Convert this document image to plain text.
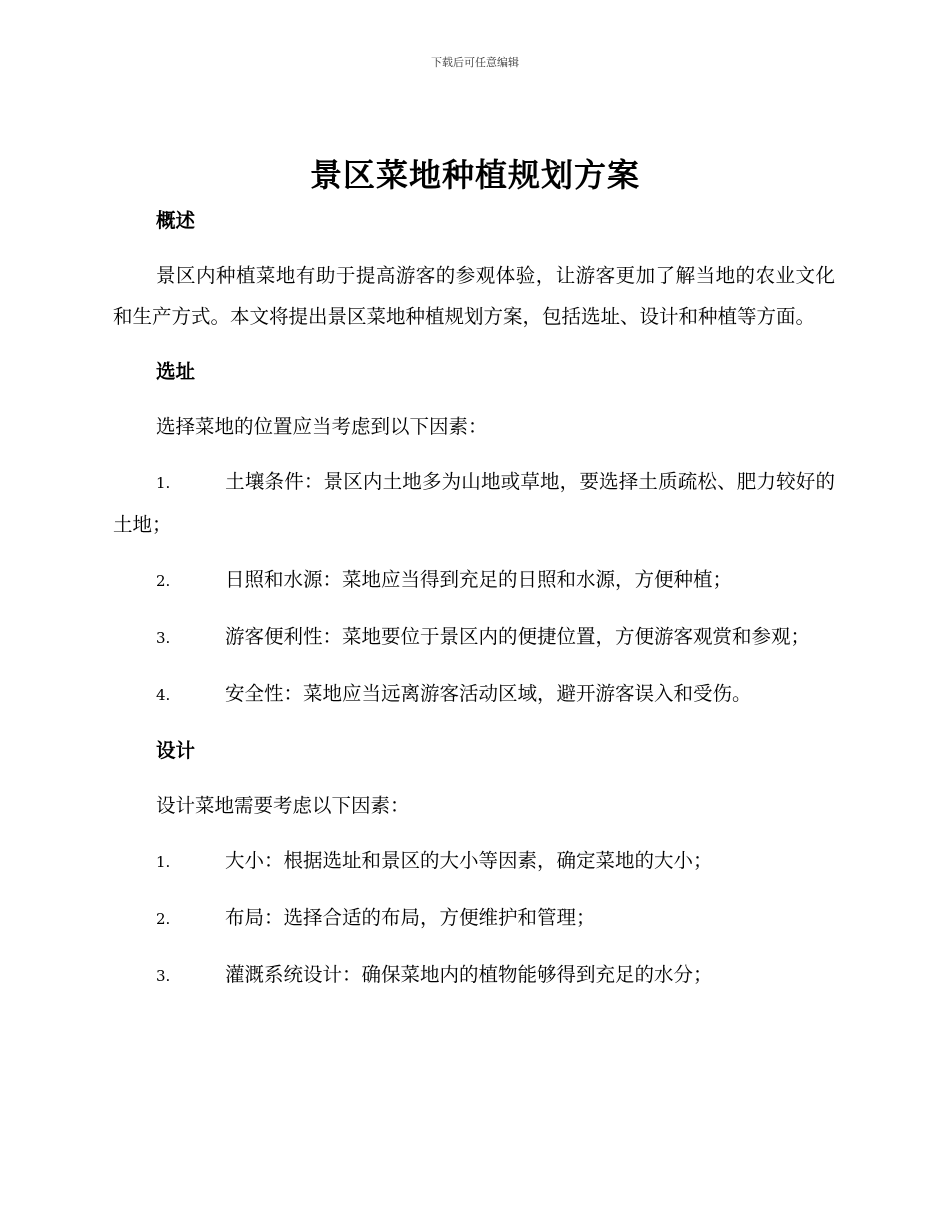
下载后可任意编辑
景区菜地种植规划方案

概述

景区内种植菜地有助于提高游客的参观体验，让游客更加了解当地的农业文化和生产方式。本文将提出景区菜地种植规划方案，包括选址、设计和种植等方面。

选址

选择菜地的位置应当考虑到以下因素：

1.	土壤条件：景区内土地多为山地或草地，要选择土质疏松、肥力较好的土地；

2.	日照和水源：菜地应当得到充足的日照和水源，方便种植；

3.	游客便利性：菜地要位于景区内的便捷位置，方便游客观赏和参观；

4.	安全性：菜地应当远离游客活动区域，避开游客误入和受伤。

设计

设计菜地需要考虑以下因素：

1.	大小：根据选址和景区的大小等因素，确定菜地的大小；

2.	布局：选择合适的布局，方便维护和管理；

3.	灌溉系统设计：确保菜地内的植物能够得到充足的水分；
